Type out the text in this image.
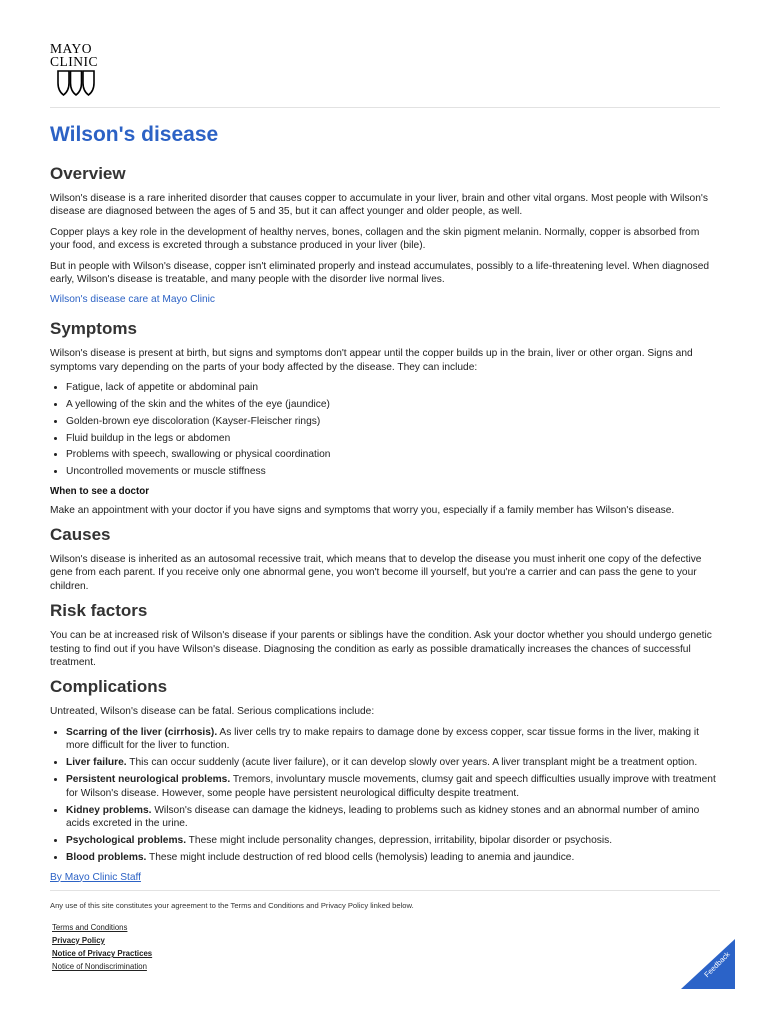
MAYO
CLINIC
Wilson's disease
Overview

Wilson's disease is a rare inherited disorder that causes copper to accumulate in your liver, brain and other vital organs. Most people with Wilson's disease are diagnosed between the ages of 5 and 35, but it can affect younger and older people, as well.

Copper plays a key role in the development of healthy nerves, bones, collagen and the skin pigment melanin. Normally, copper is absorbed from your food, and excess is excreted through a substance produced in your liver (bile).

But in people with Wilson's disease, copper isn't eliminated properly and instead accumulates, possibly to a life-threatening level. When diagnosed early, Wilson's disease is treatable, and many people with the disorder live normal lives.

Wilson's disease care at Mayo Clinic
Symptoms

Wilson's disease is present at birth, but signs and symptoms don't appear until the copper builds up in the brain, liver or other organ. Signs and symptoms vary depending on the parts of your body affected by the disease. They can include:

• Fatigue, lack of appetite or abdominal pain
• A yellowing of the skin and the whites of the eye (jaundice)
• Golden-brown eye discoloration (Kayser-Fleischer rings)
• Fluid buildup in the legs or abdomen
• Problems with speech, swallowing or physical coordination
• Uncontrolled movements or muscle stiffness
When to see a doctor

Make an appointment with your doctor if you have signs and symptoms that worry you, especially if a family member has Wilson's disease.

Causes

Wilson's disease is inherited as an autosomal recessive trait, which means that to develop the disease you must inherit one copy of the defective gene from each parent. If you receive only one abnormal gene, you won't become ill yourself, but you're a carrier and can pass the gene to your children.

Risk factors

You can be at increased risk of Wilson's disease if your parents or siblings have the condition. Ask your doctor whether you should undergo genetic testing to find out if you have Wilson's disease. Diagnosing the condition as early as possible dramatically increases the chances of successful treatment.

Complications

Untreated, Wilson's disease can be fatal. Serious complications include:

• Scarring of the liver (cirrhosis). As liver cells try to make repairs to damage done by excess copper, scar tissue forms in the liver, making it more difficult for the liver to function.
• Liver failure. This can occur suddenly (acute liver failure), or it can develop slowly over years. A liver transplant might be a treatment option.
• Persistent neurological problems. Tremors, involuntary muscle movements, clumsy gait and speech difficulties usually improve with treatment for Wilson's disease. However, some people have persistent neurological difficulty despite treatment.
• Kidney problems. Wilson's disease can damage the kidneys, leading to problems such as kidney stones and an abnormal number of amino acids excreted in the urine.
• Psychological problems. These might include personality changes, depression, irritability, bipolar disorder or psychosis.
• Blood problems. These might include destruction of red blood cells (hemolysis) leading to anemia and jaundice.
By Mayo Clinic Staff

Any use of this site constitutes your agreement to the Terms and Conditions and Privacy Policy linked below.

Terms and Conditions
Privacy Policy
Notice of Privacy Practices
Notice of Nondiscrimination	Feedback
